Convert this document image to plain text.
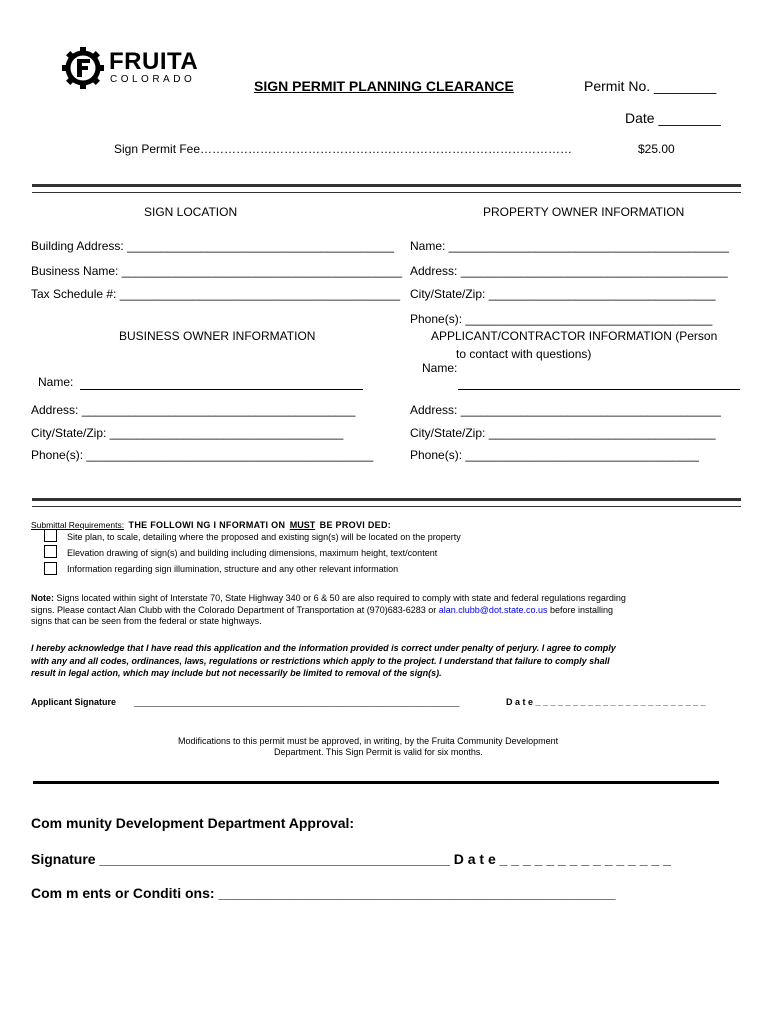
FRUITA
COLORADO	SIGN PERMIT PLANNING CLEARANCE	Permit No. ________
Date ________
Sign Permit Fee…………………………………………………………………………………	$25.00
SIGN LOCATION	PROPERTY OWNER INFORMATION
Building Address: ________________________________________
Business Name: __________________________________________
Tax Schedule #: __________________________________________
Name: __________________________________________
Address: ________________________________________
City/State/Zip: __________________________________
Phone(s): _____________________________________
BUSINESS OWNER INFORMATION	APPLICANT/CONTRACTOR INFORMATION (Person
to contact with questions)
Name:
Name:
Address: _________________________________________
City/State/Zip: ___________________________________
Phone(s): ___________________________________________
Address: _______________________________________
City/State/Zip: __________________________________
Phone(s): ___________________________________
Submittal Requirements: THE FOLLOWI NG I NFORMATI ON MUST BE PROVI DED:
Site plan, to scale, detailing where the proposed and existing sign(s) will be located on the property
Elevation drawing of sign(s) and building including dimensions, maximum height, text/content
Information regarding sign illumination, structure and any other relevant information
Note: Signs located within sight of Interstate 70, State Highway 340 or 6 & 50 are also required to comply with state and federal regulations regarding
signs. Please contact Alan Clubb with the Colorado Department of Transportation at (970)683-6283 or alan.clubb@dot.state.co.us before installing
signs that can be seen from the federal or state highways.
I hereby acknowledge that I have read this application and the information provided is correct under penalty of perjury. I agree to comply
with any and all codes, ordinances, laws, regulations or restrictions which apply to the project. I understand that failure to comply shall
result in legal action, which may include but not necessarily be limited to removal of the sign(s).
Applicant Signature _________________________________________________________________	D a t e _ _ _ _ _ _ _ _ _ _ _ _ _ _ _ _ _ _ _ _ _ _ _
Modifications to this permit must be approved, in writing, by the Fruita Community Development
Department. This Sign Permit is valid for six months.
Com munity Development Department Approval:
Signature _____________________________________________ D a t e _ _ _ _ _ _ _ _ _ _ _ _ _ _ _
Com m ents or Conditi ons: ___________________________________________________
